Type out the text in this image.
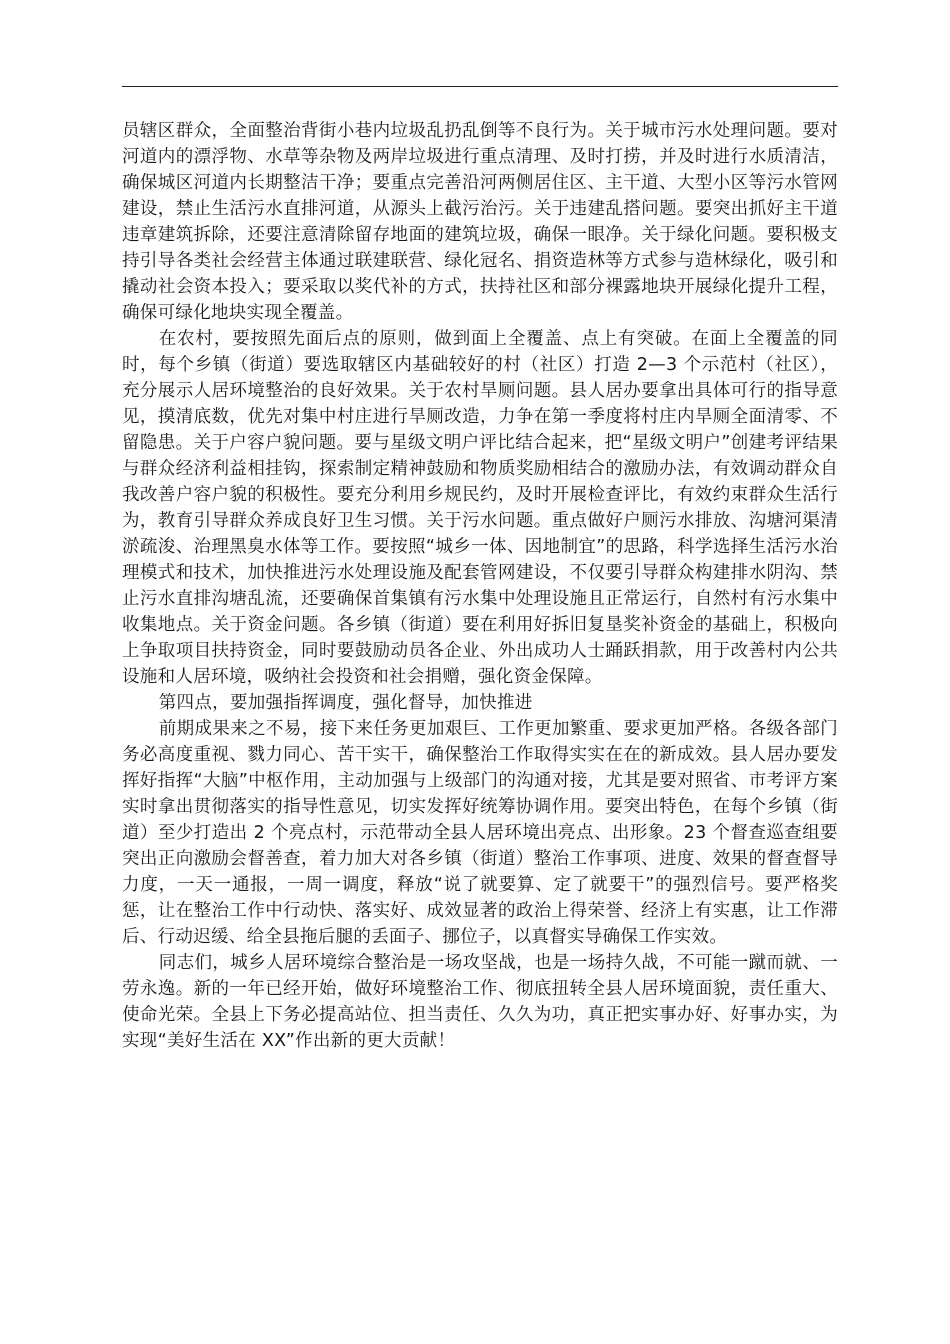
员辖区群众，全面整治背街小巷内垃圾乱扔乱倒等不良行为。关于城市污水处理问题。要对河道内的漂浮物、水草等杂物及两岸垃圾进行重点清理、及时打捞，并及时进行水质清洁，确保城区河道内长期整洁干净；要重点完善沿河两侧居住区、主干道、大型小区等污水管网建设，禁止生活污水直排河道，从源头上截污治污。关于违建乱搭问题。要突出抓好主干道违章建筑拆除，还要注意清除留存地面的建筑垃圾，确保一眼净。关于绿化问题。要积极支持引导各类社会经营主体通过联建联营、绿化冠名、捐资造林等方式参与造林绿化，吸引和撬动社会资本投入；要采取以奖代补的方式，扶持社区和部分裸露地块开展绿化提升工程，确保可绿化地块实现全覆盖。

在农村，要按照先面后点的原则，做到面上全覆盖、点上有突破。在面上全覆盖的同时，每个乡镇（街道）要选取辖区内基础较好的村（社区）打造 2—3 个示范村（社区），充分展示人居环境整治的良好效果。关于农村旱厕问题。县人居办要拿出具体可行的指导意见，摸清底数，优先对集中村庄进行旱厕改造，力争在第一季度将村庄内旱厕全面清零、不留隐患。关于户容户貌问题。要与星级文明户评比结合起来，把“星级文明户”创建考评结果与群众经济利益相挂钩，探索制定精神鼓励和物质奖励相结合的激励办法，有效调动群众自我改善户容户貌的积极性。要充分利用乡规民约，及时开展检查评比，有效约束群众生活行为，教育引导群众养成良好卫生习惯。关于污水问题。重点做好户厕污水排放、沟塘河渠清淤疏浚、治理黑臭水体等工作。要按照“城乡一体、因地制宜”的思路，科学选择生活污水治理模式和技术，加快推进污水处理设施及配套管网建设，不仅要引导群众构建排水阴沟、禁止污水直排沟塘乱流，还要确保首集镇有污水集中处理设施且正常运行，自然村有污水集中收集地点。关于资金问题。各乡镇（街道）要在利用好拆旧复垦奖补资金的基础上，积极向上争取项目扶持资金，同时要鼓励动员各企业、外出成功人士踊跃捐款，用于改善村内公共设施和人居环境，吸纳社会投资和社会捐赠，强化资金保障。

第四点，要加强指挥调度，强化督导，加快推进

前期成果来之不易，接下来任务更加艰巨、工作更加繁重、要求更加严格。各级各部门务必高度重视、戮力同心、苦干实干，确保整治工作取得实实在在的新成效。县人居办要发挥好指挥“大脑”中枢作用，主动加强与上级部门的沟通对接，尤其是要对照省、市考评方案实时拿出贯彻落实的指导性意见，切实发挥好统筹协调作用。要突出特色，在每个乡镇（街道）至少打造出 2 个亮点村，示范带动全县人居环境出亮点、出形象。23 个督查巡查组要突出正向激励会督善查，着力加大对各乡镇（街道）整治工作事项、进度、效果的督查督导力度，一天一通报，一周一调度，释放“说了就要算、定了就要干”的强烈信号。要严格奖惩，让在整治工作中行动快、落实好、成效显著的政治上得荣誉、经济上有实惠，让工作滞后、行动迟缓、给全县拖后腿的丢面子、挪位子，以真督实导确保工作实效。

同志们，城乡人居环境综合整治是一场攻坚战，也是一场持久战，不可能一蹴而就、一劳永逸。新的一年已经开始，做好环境整治工作、彻底扭转全县人居环境面貌，责任重大、使命光荣。全县上下务必提高站位、担当责任、久久为功，真正把实事办好、好事办实，为实现“美好生活在 XX”作出新的更大贡献！
